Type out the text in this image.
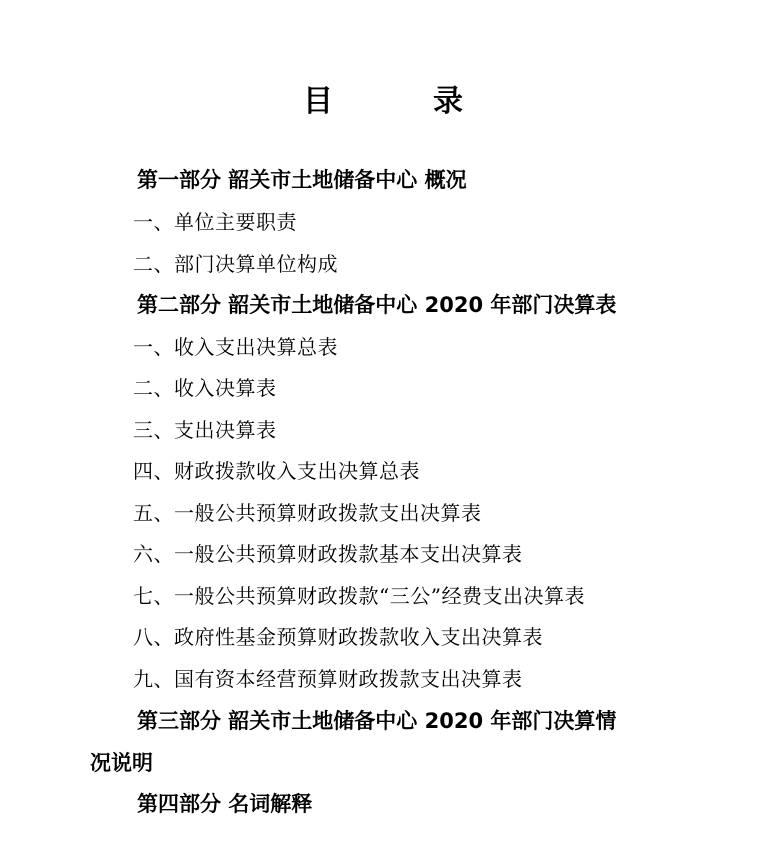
目	录
第一部分 韶关市土地储备中心 概况
一、单位主要职责
二、部门决算单位构成
第二部分 韶关市土地储备中心 2020 年部门决算表
一、收入支出决算总表
二、收入决算表
三、支出决算表
四、财政拨款收入支出决算总表
五、一般公共预算财政拨款支出决算表
六、一般公共预算财政拨款基本支出决算表
七、一般公共预算财政拨款“三公”经费支出决算表
八、政府性基金预算财政拨款收入支出决算表
九、国有资本经营预算财政拨款支出决算表
第三部分 韶关市土地储备中心 2020 年部门决算情
况说明
第四部分 名词解释
